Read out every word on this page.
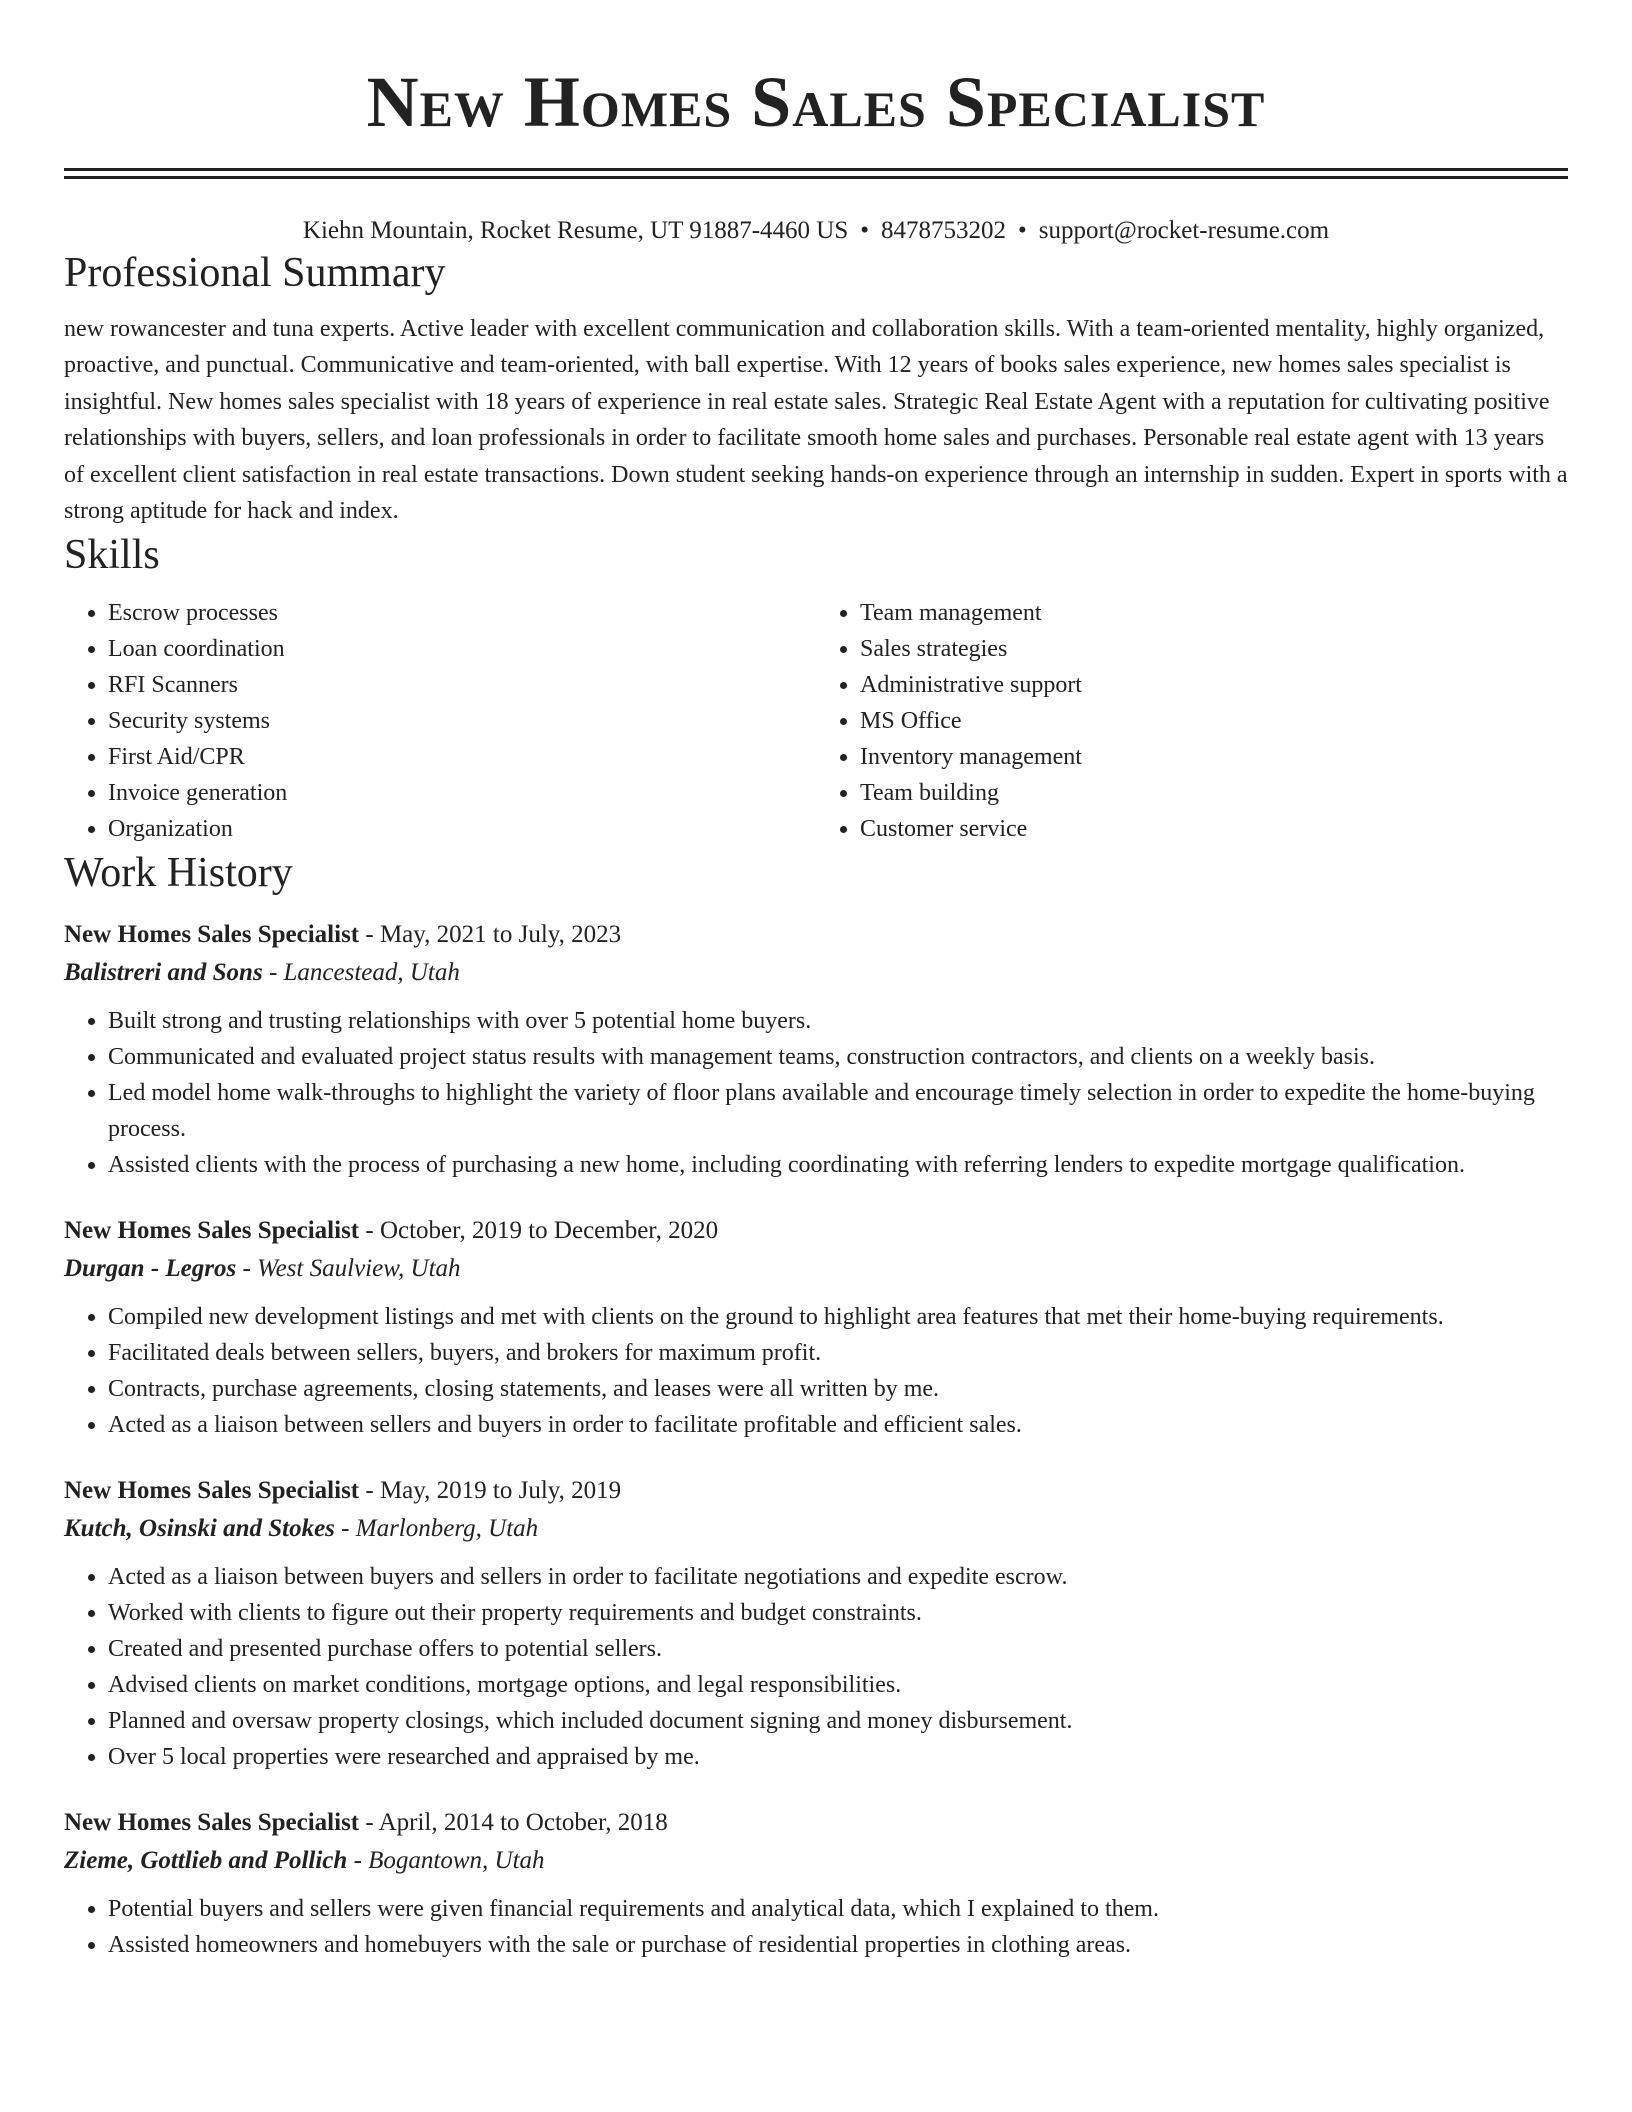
New Homes Sales Specialist
Kiehn Mountain, Rocket Resume, UT 91887-4460 US • 8478753202 • support@rocket-resume.com
Professional Summary
new rowancester and tuna experts. Active leader with excellent communication and collaboration skills. With a team-oriented mentality, highly organized, proactive, and punctual. Communicative and team-oriented, with ball expertise. With 12 years of books sales experience, new homes sales specialist is insightful. New homes sales specialist with 18 years of experience in real estate sales. Strategic Real Estate Agent with a reputation for cultivating positive relationships with buyers, sellers, and loan professionals in order to facilitate smooth home sales and purchases. Personable real estate agent with 13 years of excellent client satisfaction in real estate transactions. Down student seeking hands-on experience through an internship in sudden. Expert in sports with a strong aptitude for hack and index.
Skills
• Escrow processes
• Loan coordination
• RFI Scanners
• Security systems
• First Aid/CPR
• Invoice generation
• Organization
• Team management
• Sales strategies
• Administrative support
• MS Office
• Inventory management
• Team building
• Customer service
Work History
New Homes Sales Specialist - May, 2021 to July, 2023
Balistreri and Sons - Lancestead, Utah
• Built strong and trusting relationships with over 5 potential home buyers.
• Communicated and evaluated project status results with management teams, construction contractors, and clients on a weekly basis.
• Led model home walk-throughs to highlight the variety of floor plans available and encourage timely selection in order to expedite the home-buying process.
• Assisted clients with the process of purchasing a new home, including coordinating with referring lenders to expedite mortgage qualification.
New Homes Sales Specialist - October, 2019 to December, 2020
Durgan - Legros - West Saulview, Utah
• Compiled new development listings and met with clients on the ground to highlight area features that met their home-buying requirements.
• Facilitated deals between sellers, buyers, and brokers for maximum profit.
• Contracts, purchase agreements, closing statements, and leases were all written by me.
• Acted as a liaison between sellers and buyers in order to facilitate profitable and efficient sales.
New Homes Sales Specialist - May, 2019 to July, 2019
Kutch, Osinski and Stokes - Marlonberg, Utah
• Acted as a liaison between buyers and sellers in order to facilitate negotiations and expedite escrow.
• Worked with clients to figure out their property requirements and budget constraints.
• Created and presented purchase offers to potential sellers.
• Advised clients on market conditions, mortgage options, and legal responsibilities.
• Planned and oversaw property closings, which included document signing and money disbursement.
• Over 5 local properties were researched and appraised by me.
New Homes Sales Specialist - April, 2014 to October, 2018
Zieme, Gottlieb and Pollich - Bogantown, Utah
• Potential buyers and sellers were given financial requirements and analytical data, which I explained to them.
• Assisted homeowners and homebuyers with the sale or purchase of residential properties in clothing areas.
